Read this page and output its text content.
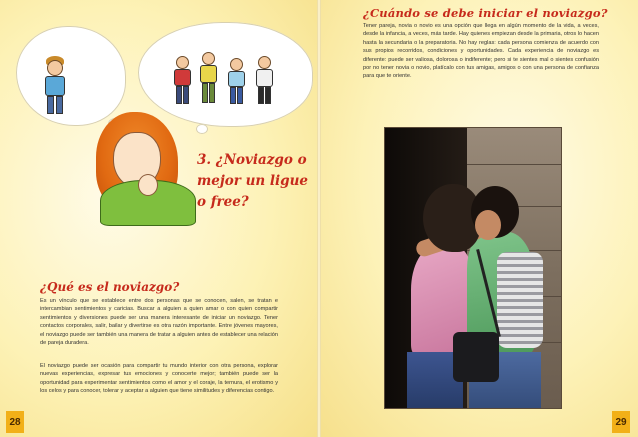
3. ¿Noviazgo o mejor un ligue o free?
¿Qué es el noviazgo?

Es un vínculo que se establece entre dos personas que se conocen, salen, se tratan e intercambian sentimientos y caricias. Buscar a alguien a quien amar o con quien compartir sentimientos y diversiones puede ser una manera interesante de iniciar un noviazgo. Tener contactos corporales, salir, bailar y divertirse es otra razón importante. Entre jóvenes mayores, el noviazgo puede ser también una manera de tratar a alguien antes de establecer una relación de pareja duradera.

El noviazgo puede ser ocasión para compartir tu mundo interior con otra persona, explorar nuevas experiencias, expresar tus emociones y conocerte mejor; también puede ser la oportunidad para experimentar sentimientos como el amor y el coraje, la ternura, el erotismo y los celos y para conocer, tolerar y aceptar a alguien que tiene similitudes y diferencias contigo.

28
¿Cuándo se debe iniciar el noviazgo?

Tener pareja, novia o novio es una opción que llega en algún momento de la vida, a veces, desde la infancia, a veces, más tarde. Hay quienes empiezan desde la primaria, otros lo hacen hasta la secundaria o la preparatoria. No hay reglas: cada persona comienza de acuerdo con sus propios recorridos, condiciones y oportunidades. Cada experiencia de noviazgo es diferente: puede ser valiosa, dolorosa o indiferente; pero si te sientes mal o sientes confusión por no tener novia o novio, platícalo con tus amigas, amigos o con una persona de confianza para que te oriente.

29
